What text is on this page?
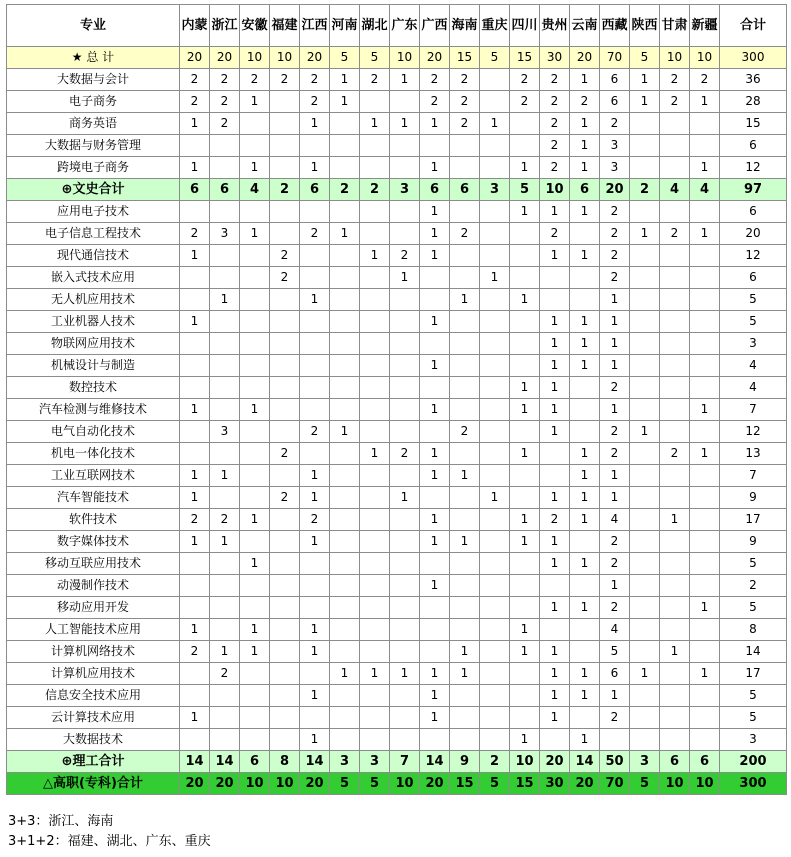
专业	内蒙	浙江	安徽	福建	江西	河南	湖北	广东	广西	海南	重庆	四川	贵州	云南	西藏	陕西	甘肃	新疆	合计
★ 总 计	20	20	10	10	20	5	5	10	20	15	5	15	30	20	70	5	10	10	300
大数据与会计	2	2	2	2	2	1	2	1	2	2		2	2	1	6	1	2	2	36
电子商务	2	2	1		2	1			2	2		2	2	2	6	1	2	1	28
商务英语	1	2			1		1	1	1	2	1		2	1	2				15
大数据与财务管理													2	1	3				6
跨境电子商务	1		1		1				1			1	2	1	3			1	12
⊕文史合计	6	6	4	2	6	2	2	3	6	6	3	5	10	6	20	2	4	4	97
应用电子技术									1			1	1	1	2				6
电子信息工程技术	2	3	1		2	1			1	2			2		2	1	2	1	20
现代通信技术	1			2			1	2	1				1	1	2				12
嵌入式技术应用				2				1			1				2				6
无人机应用技术		1			1					1		1			1				5
工业机器人技术	1								1				1	1	1				5
物联网应用技术													1	1	1				3
机械设计与制造									1				1	1	1				4
数控技术												1	1		2				4
汽车检测与维修技术	1		1						1			1	1		1			1	7
电气自动化技术		3			2	1				2			1		2	1			12
机电一体化技术				2			1	2	1			1		1	2		2	1	13
工业互联网技术	1	1			1				1	1				1	1				7
汽车智能技术	1			2	1			1			1		1	1	1				9
软件技术	2	2	1		2				1			1	2	1	4		1		17
数字媒体技术	1	1			1				1	1		1	1		2				9
移动互联应用技术			1										1	1	2				5
动漫制作技术									1						1				2
移动应用开发													1	1	2			1	5
人工智能技术应用	1		1		1							1			4				8
计算机网络技术	2	1	1		1					1		1	1		5		1		14
计算机应用技术		2				1	1	1	1	1			1	1	6	1		1	17
信息安全技术应用					1				1				1	1	1				5
云计算技术应用	1								1				1		2				5
大数据技术					1							1		1					3
⊕理工合计	14	14	6	8	14	3	3	7	14	9	2	10	20	14	50	3	6	6	200
△高职(专科)合计	20	20	10	10	20	5	5	10	20	15	5	15	30	20	70	5	10	10	300
3+3：浙江、海南
3+1+2：福建、湖北、广东、重庆
